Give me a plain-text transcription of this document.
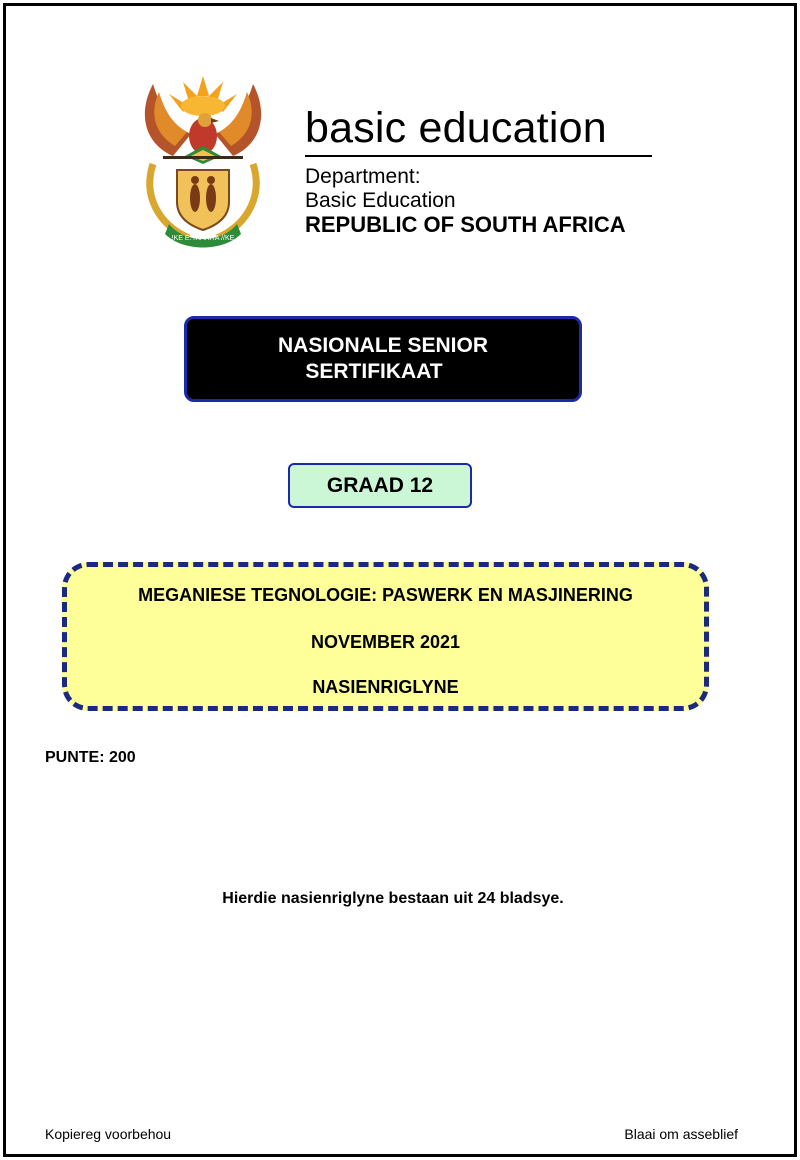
!KE E: /XARRA //KE
basic education
Department:
Basic Education
REPUBLIC OF SOUTH AFRICA
NASIONALE SENIOR

SERTIFIKAAT
GRAAD 12
MEGANIESE TEGNOLOGIE: PASWERK EN MASJINERING
NOVEMBER 2021
NASIENRIGLYNE
PUNTE: 200
Hierdie nasienriglyne bestaan uit 24 bladsye.
Kopiereg voorbehou	Blaai om asseblief
